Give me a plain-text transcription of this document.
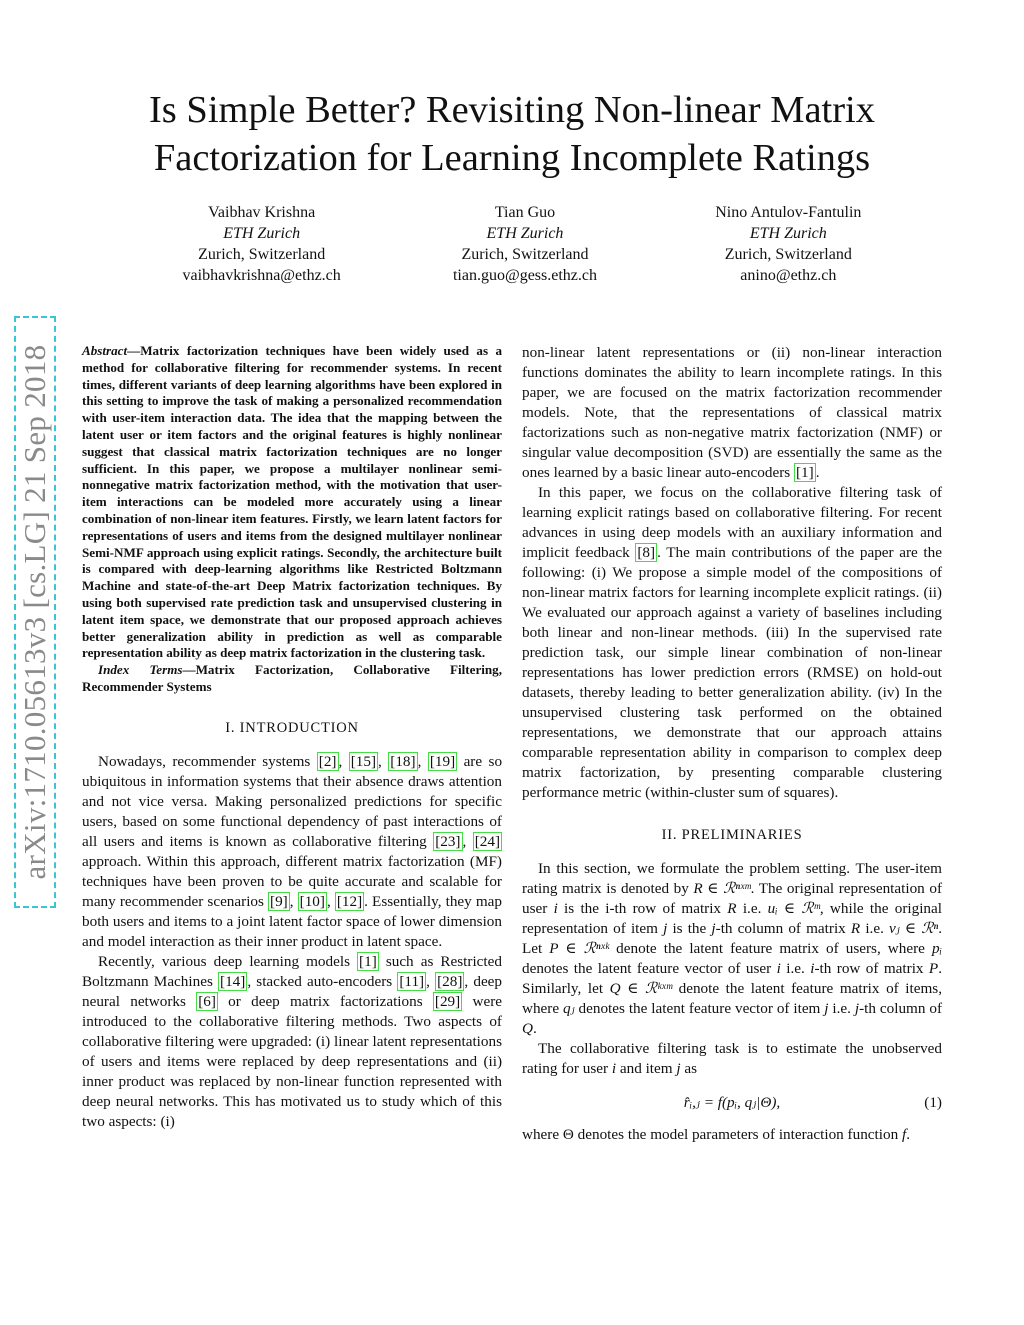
arXiv:1710.05613v3 [cs.LG] 21 Sep 2018
Is Simple Better? Revisiting Non-linear Matrix Factorization for Learning Incomplete Ratings
Vaibhav Krishna
ETH Zurich
Zurich, Switzerland
vaibhavkrishna@ethz.ch
Tian Guo
ETH Zurich
Zurich, Switzerland
tian.guo@gess.ethz.ch
Nino Antulov-Fantulin
ETH Zurich
Zurich, Switzerland
anino@ethz.ch
Abstract—Matrix factorization techniques have been widely used as a method for collaborative filtering for recommender systems. In recent times, different variants of deep learning algorithms have been explored in this setting to improve the task of making a personalized recommendation with user-item interaction data. The idea that the mapping between the latent user or item factors and the original features is highly nonlinear suggest that classical matrix factorization techniques are no longer sufficient. In this paper, we propose a multilayer nonlinear semi-nonnegative matrix factorization method, with the motivation that user-item interactions can be modeled more accurately using a linear combination of non-linear item features. Firstly, we learn latent factors for representations of users and items from the designed multilayer nonlinear Semi-NMF approach using explicit ratings. Secondly, the architecture built is compared with deep-learning algorithms like Restricted Boltzmann Machine and state-of-the-art Deep Matrix factorization techniques. By using both supervised rate prediction task and unsupervised clustering in latent item space, we demonstrate that our proposed approach achieves better generalization ability in prediction as well as comparable representation ability as deep matrix factorization in the clustering task.
Index Terms—Matrix Factorization, Collaborative Filtering, Recommender Systems
I. INTRODUCTION

Nowadays, recommender systems [2] , [15] , [18] , [19] are so ubiquitous in information systems that their absence draws attention and not vice versa. Making personalized predictions for specific users, based on some functional dependency of past interactions of all users and items is known as collaborative filtering [23] , [24] approach. Within this approach, different matrix factorization (MF) techniques have been proven to be quite accurate and scalable for many recommender scenarios [9] , [10] , [12] . Essentially, they map both users and items to a joint latent factor space of lower dimension and model interaction as their inner product in latent space.

Recently, various deep learning models [1] such as Restricted Boltzmann Machines [14] , stacked auto-encoders [11] , [28] , deep neural networks [6] or deep matrix factorizations [29] were introduced to the collaborative filtering methods. Two aspects of collaborative filtering were upgraded: (i) linear latent representations of users and items were replaced by deep representations and (ii) inner product was replaced by non-linear function represented with deep neural networks. This has motivated us to study which of this two aspects: (i)

non-linear latent representations or (ii) non-linear interaction functions dominates the ability to learn incomplete ratings. In this paper, we are focused on the matrix factorization recommender models. Note, that the representations of classical matrix factorizations such as non-negative matrix factorization (NMF) or singular value decomposition (SVD) are essentially the same as the ones learned by a basic linear auto-encoders [1] .

In this paper, we focus on the collaborative filtering task of learning explicit ratings based on collaborative filtering. For recent advances in using deep models with an auxiliary information and implicit feedback [8] . The main contributions of the paper are the following: (i) We propose a simple model of the compositions of non-linear matrix factors for learning incomplete explicit ratings. (ii) We evaluated our approach against a variety of baselines including both linear and non-linear methods. (iii) In the supervised rate prediction task, our simple linear combination of non-linear representations has lower prediction errors (RMSE) on hold-out datasets, thereby leading to better generalization ability. (iv) In the unsupervised clustering task performed on the obtained representations, we demonstrate that our approach attains comparable representation ability in comparison to complex deep matrix factorization, by presenting comparable clustering performance metric (within-cluster sum of squares).

II. PRELIMINARIES

In this section, we formulate the problem setting. The user-item rating matrix is denoted by R ∈ ℛⁿˣᵐ. The original representation of user i is the i-th row of matrix R i.e. uᵢ ∈ ℛᵐ, while the original representation of item j is the j-th column of matrix R i.e. vⱼ ∈ ℛⁿ. Let P ∈ ℛⁿˣᵏ denote the latent feature matrix of users, where pᵢ denotes the latent feature vector of user i i.e. i-th row of matrix P. Similarly, let Q ∈ ℛᵏˣᵐ denote the latent feature matrix of items, where qⱼ denotes the latent feature vector of item j i.e. j-th column of Q.

The collaborative filtering task is to estimate the unobserved rating for user i and item j as

r̂ᵢ,ⱼ = f(pᵢ, qⱼ|Θ),	(1)

where Θ denotes the model parameters of interaction function f.
